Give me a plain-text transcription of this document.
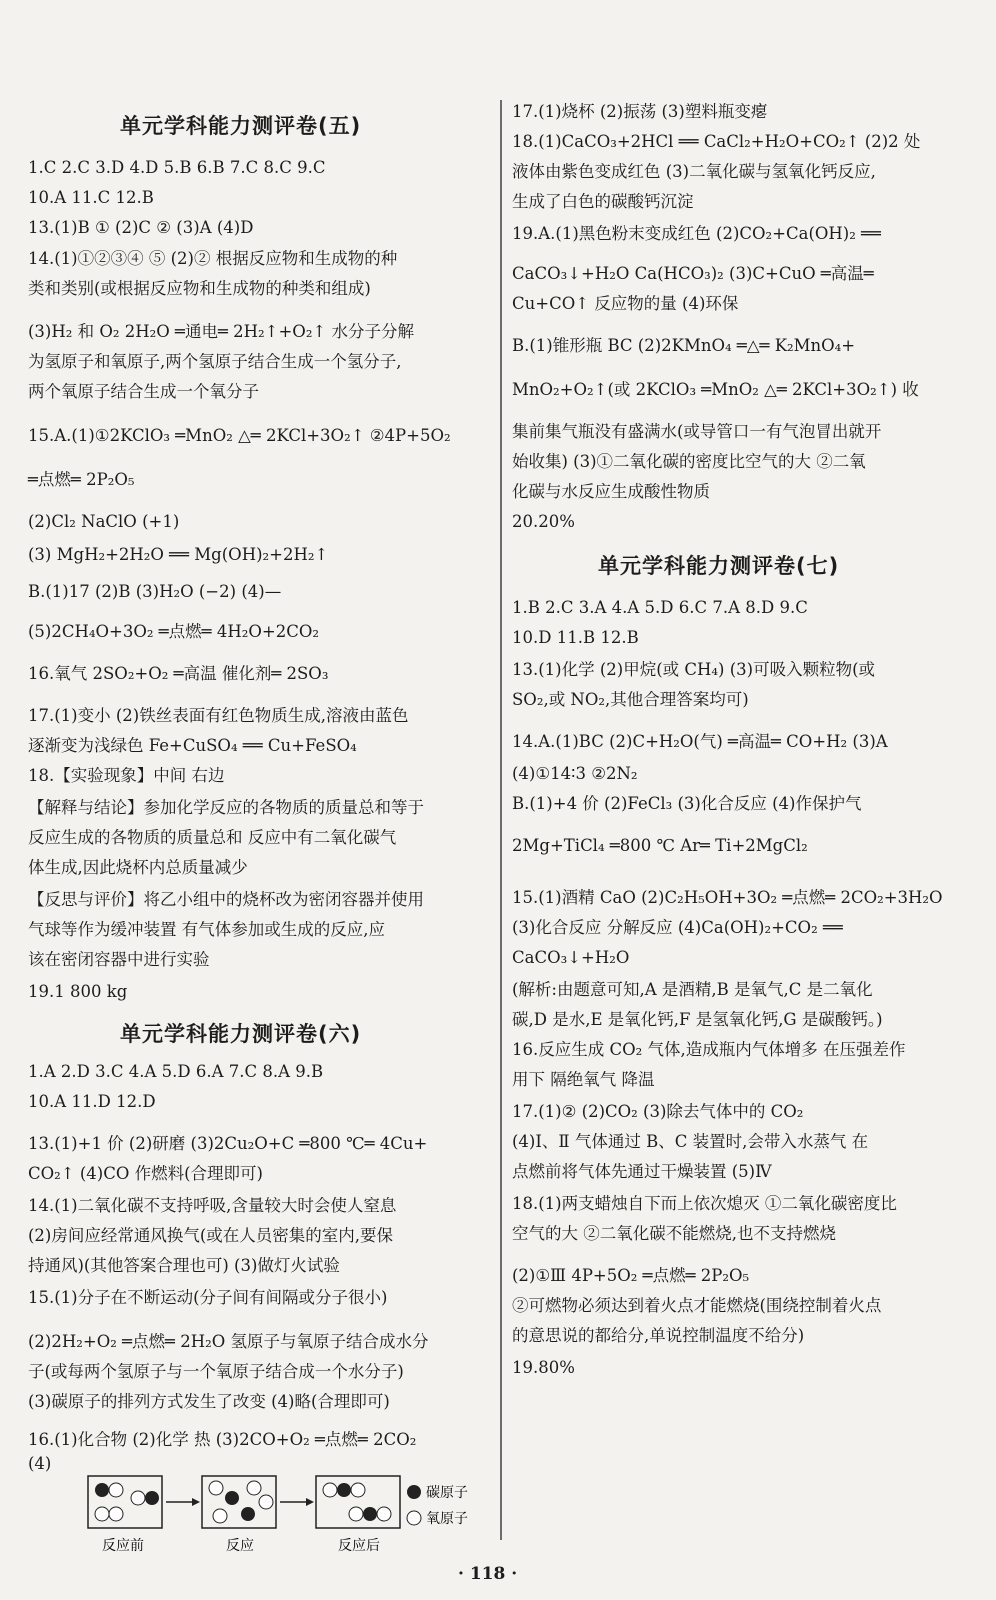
单元学科能力测评卷(五)
1.C 2.C 3.D 4.D 5.B 6.B 7.C 8.C 9.C
10.A 11.C 12.B
13.(1)B ① (2)C ② (3)A (4)D
14.(1)①②③④ ⑤ (2)② 根据反应物和生成物的种
类和类别(或根据反应物和生成物的种类和组成)
(3)H₂ 和 O₂ 2H₂O ═通电═ 2H₂↑+O₂↑ 水分子分解
为氢原子和氧原子,两个氢原子结合生成一个氢分子,
两个氧原子结合生成一个氧分子
15.A.(1)①2KClO₃ ═MnO₂ △═ 2KCl+3O₂↑ ②4P+5O₂
═点燃═ 2P₂O₅
(2)Cl₂ NaClO (+1)
(3) MgH₂+2H₂O ══ Mg(OH)₂+2H₂↑
B.(1)17 (2)B (3)H₂O (−2) (4)—
(5)2CH₄O+3O₂ ═点燃═ 4H₂O+2CO₂
16.氧气 2SO₂+O₂ ═高温 催化剂═ 2SO₃
17.(1)变小 (2)铁丝表面有红色物质生成,溶液由蓝色
逐渐变为浅绿色 Fe+CuSO₄ ══ Cu+FeSO₄
18.【实验现象】中间 右边
【解释与结论】参加化学反应的各物质的质量总和等于
反应生成的各物质的质量总和 反应中有二氧化碳气
体生成,因此烧杯内总质量减少
【反思与评价】将乙小组中的烧杯改为密闭容器并使用
气球等作为缓冲装置 有气体参加或生成的反应,应
该在密闭容器中进行实验
19.1 800 kg
单元学科能力测评卷(六)
1.A 2.D 3.C 4.A 5.D 6.A 7.C 8.A 9.B
10.A 11.D 12.D
13.(1)+1 价 (2)研磨 (3)2Cu₂O+C ═800 ℃═ 4Cu+
CO₂↑ (4)CO 作燃料(合理即可)
14.(1)二氧化碳不支持呼吸,含量较大时会使人窒息
(2)房间应经常通风换气(或在人员密集的室内,要保
持通风)(其他答案合理也可) (3)做灯火试验
15.(1)分子在不断运动(分子间有间隔或分子很小)
(2)2H₂+O₂ ═点燃═ 2H₂O 氢原子与氧原子结合成水分
子(或每两个氢原子与一个氧原子结合成一个水分子)
(3)碳原子的排列方式发生了改变 (4)略(合理即可)
16.(1)化合物 (2)化学 热 (3)2CO+O₂ ═点燃═ 2CO₂
(4)
碳原子
氧原子
反应前	反应	反应后
17.(1)烧杯 (2)振荡 (3)塑料瓶变瘪
18.(1)CaCO₃+2HCl ══ CaCl₂+H₂O+CO₂↑ (2)2 处
液体由紫色变成红色 (3)二氧化碳与氢氧化钙反应,
生成了白色的碳酸钙沉淀
19.A.(1)黑色粉末变成红色 (2)CO₂+Ca(OH)₂ ══
CaCO₃↓+H₂O Ca(HCO₃)₂ (3)C+CuO ═高温═
Cu+CO↑ 反应物的量 (4)环保
B.(1)锥形瓶 BC (2)2KMnO₄ ═△═ K₂MnO₄+
MnO₂+O₂↑(或 2KClO₃ ═MnO₂ △═ 2KCl+3O₂↑) 收
集前集气瓶没有盛满水(或导管口一有气泡冒出就开
始收集) (3)①二氧化碳的密度比空气的大 ②二氧
化碳与水反应生成酸性物质
20.20%
单元学科能力测评卷(七)
1.B 2.C 3.A 4.A 5.D 6.C 7.A 8.D 9.C
10.D 11.B 12.B
13.(1)化学 (2)甲烷(或 CH₄) (3)可吸入颗粒物(或
SO₂,或 NO₂,其他合理答案均可)
14.A.(1)BC (2)C+H₂O(气) ═高温═ CO+H₂ (3)A
(4)①14∶3 ②2N₂
B.(1)+4 价 (2)FeCl₃ (3)化合反应 (4)作保护气
2Mg+TiCl₄ ═800 ℃ Ar═ Ti+2MgCl₂
15.(1)酒精 CaO (2)C₂H₅OH+3O₂ ═点燃═ 2CO₂+3H₂O
(3)化合反应 分解反应 (4)Ca(OH)₂+CO₂ ══
CaCO₃↓+H₂O
(解析:由题意可知,A 是酒精,B 是氧气,C 是二氧化
碳,D 是水,E 是氧化钙,F 是氢氧化钙,G 是碳酸钙。)
16.反应生成 CO₂ 气体,造成瓶内气体增多 在压强差作
用下 隔绝氧气 降温
17.(1)② (2)CO₂ (3)除去气体中的 CO₂
(4)Ⅰ、Ⅱ 气体通过 B、C 装置时,会带入水蒸气 在
点燃前将气体先通过干燥装置 (5)Ⅳ
18.(1)两支蜡烛自下而上依次熄灭 ①二氧化碳密度比
空气的大 ②二氧化碳不能燃烧,也不支持燃烧
(2)①Ⅲ 4P+5O₂ ═点燃═ 2P₂O₅
②可燃物必须达到着火点才能燃烧(围绕控制着火点
的意思说的都给分,单说控制温度不给分)
19.80%
· 118 ·
